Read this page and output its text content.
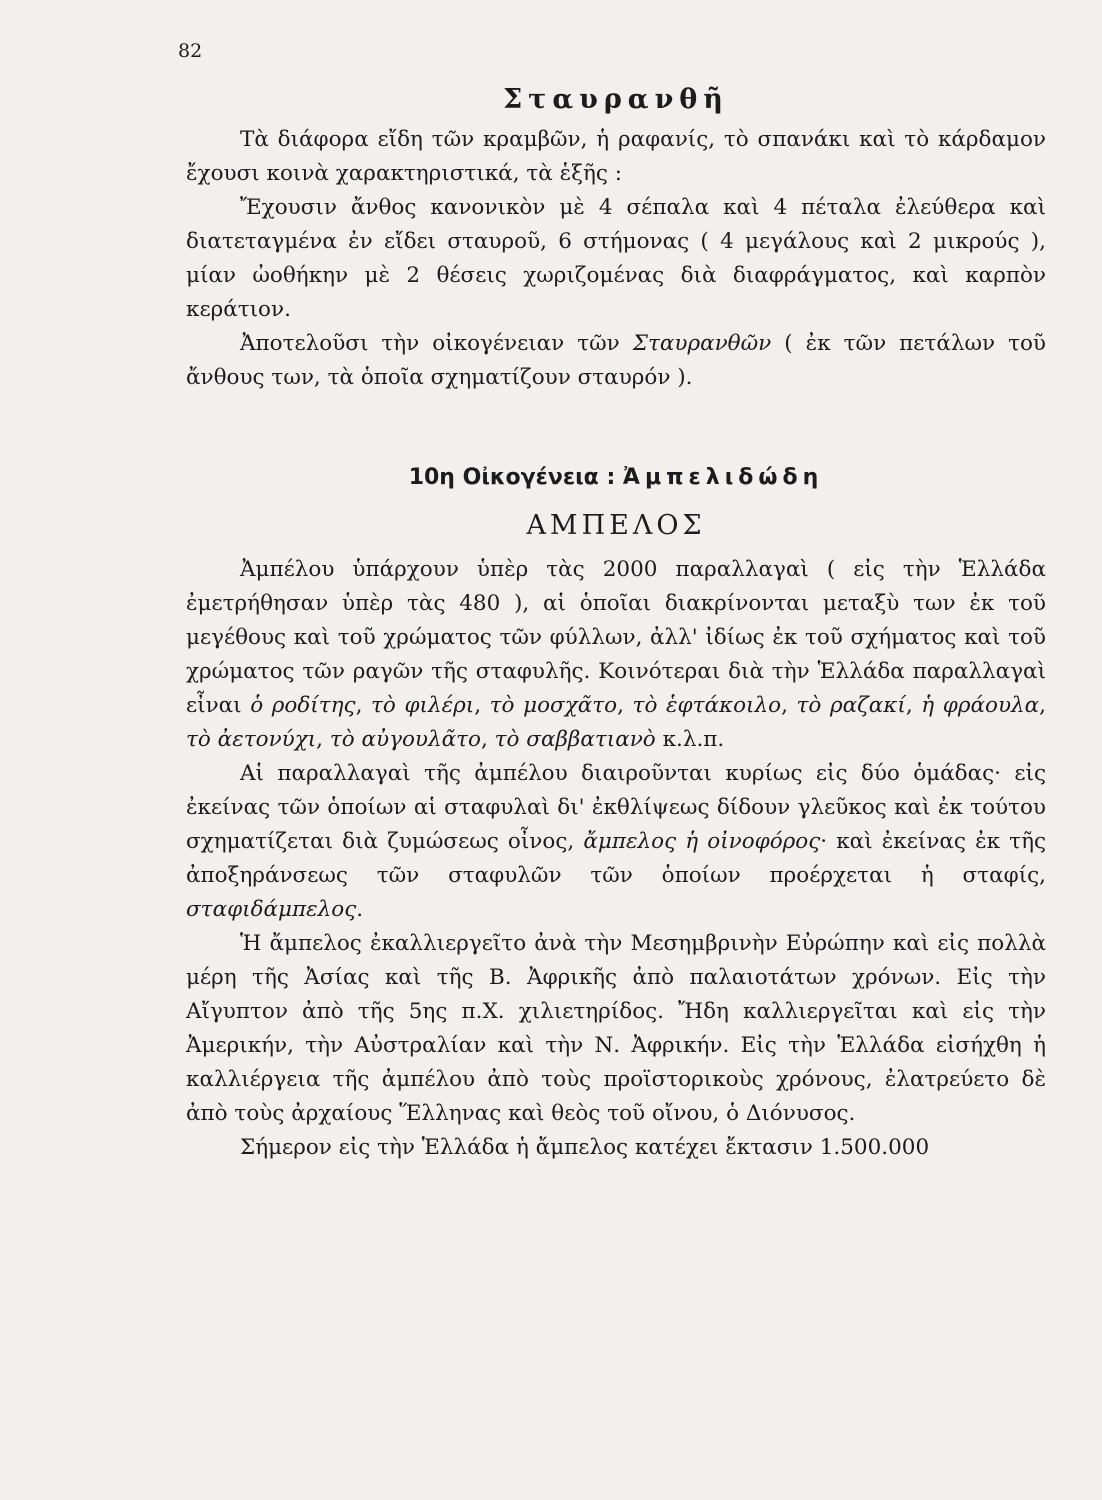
82
Σταυρανθῆ

Τὰ διάφορα εἴδη τῶν κραμβῶν, ἡ ραφανίς, τὸ σπανάκι καὶ τὸ κάρδαμον ἔχουσι κοινὰ χαρακτηριστικά, τὰ ἑξῆς :

Ἔχουσιν ἄνθος κανονικὸν μὲ 4 σέπαλα καὶ 4 πέταλα ἐλεύθερα καὶ διατεταγμένα ἐν εἴδει σταυροῦ, 6 στήμονας ( 4 μεγάλους καὶ 2 μικρούς ), μίαν ὠοθήκην μὲ 2 θέσεις χωριζομένας διὰ διαφράγματος, καὶ καρπὸν κεράτιον.

Ἀποτελοῦσι τὴν οἰκογένειαν τῶν Σταυρανθῶν ( ἐκ τῶν πετάλων τοῦ ἄνθους των, τὰ ὁποῖα σχηματίζουν σταυρόν ).

10η Οἰκογένεια : Ἀμπελιδώδη
ΑΜΠΕΛΟΣ

Ἀμπέλου ὑπάρχουν ὑπὲρ τὰς 2000 παραλλαγαὶ ( εἰς τὴν Ἑλλάδα ἐμετρήθησαν ὑπὲρ τὰς 480 ), αἱ ὁποῖαι διακρίνονται μεταξὺ των ἐκ τοῦ μεγέθους καὶ τοῦ χρώματος τῶν φύλλων, ἀλλ' ἰδίως ἐκ τοῦ σχήματος καὶ τοῦ χρώματος τῶν ραγῶν τῆς σταφυλῆς. Κοινότεραι διὰ τὴν Ἑλλάδα παραλλαγαὶ εἶναι ὁ ροδίτης, τὸ φιλέρι, τὸ μοσχᾶτο, τὸ ἑφτάκοιλο, τὸ ραζακί, ἡ φράουλα, τὸ ἀετονύχι, τὸ αὐγουλᾶτο, τὸ σαββατιανὸ κ.λ.π.

Αἱ παραλλαγαὶ τῆς ἀμπέλου διαιροῦνται κυρίως εἰς δύο ὁμάδας· εἰς ἐκείνας τῶν ὁποίων αἱ σταφυλαὶ δι' ἐκθλίψεως δίδουν γλεῦκος καὶ ἐκ τούτου σχηματίζεται διὰ ζυμώσεως οἶνος, ἄμπελος ἡ οἰνοφόρος· καὶ ἐκείνας ἐκ τῆς ἀποξηράνσεως τῶν σταφυλῶν τῶν ὁποίων προέρχεται ἡ σταφίς, σταφιδάμπελος.

Ἡ ἄμπελος ἐκαλλιεργεῖτο ἀνὰ τὴν Μεσημβρινὴν Εὐρώπην καὶ εἰς πολλὰ μέρη τῆς Ἀσίας καὶ τῆς Β. Ἀφρικῆς ἀπὸ παλαιοτάτων χρόνων. Εἰς τὴν Αἴγυπτον ἀπὸ τῆς 5ης π.Χ. χιλιετηρίδος. Ἤδη καλλιεργεῖται καὶ εἰς τὴν Ἀμερικήν, τὴν Αὐστραλίαν καὶ τὴν Ν. Ἀφρικήν. Εἰς τὴν Ἑλλάδα εἰσήχθη ἡ καλλιέργεια τῆς ἀμπέλου ἀπὸ τοὺς προϊστορικοὺς χρόνους, ἐλατρεύετο δὲ ἀπὸ τοὺς ἀρχαίους Ἕλληνας καὶ θεὸς τοῦ οἴνου, ὁ Διόνυσος.

Σήμερον εἰς τὴν Ἑλλάδα ἡ ἄμπελος κατέχει ἔκτασιν 1.500.000
